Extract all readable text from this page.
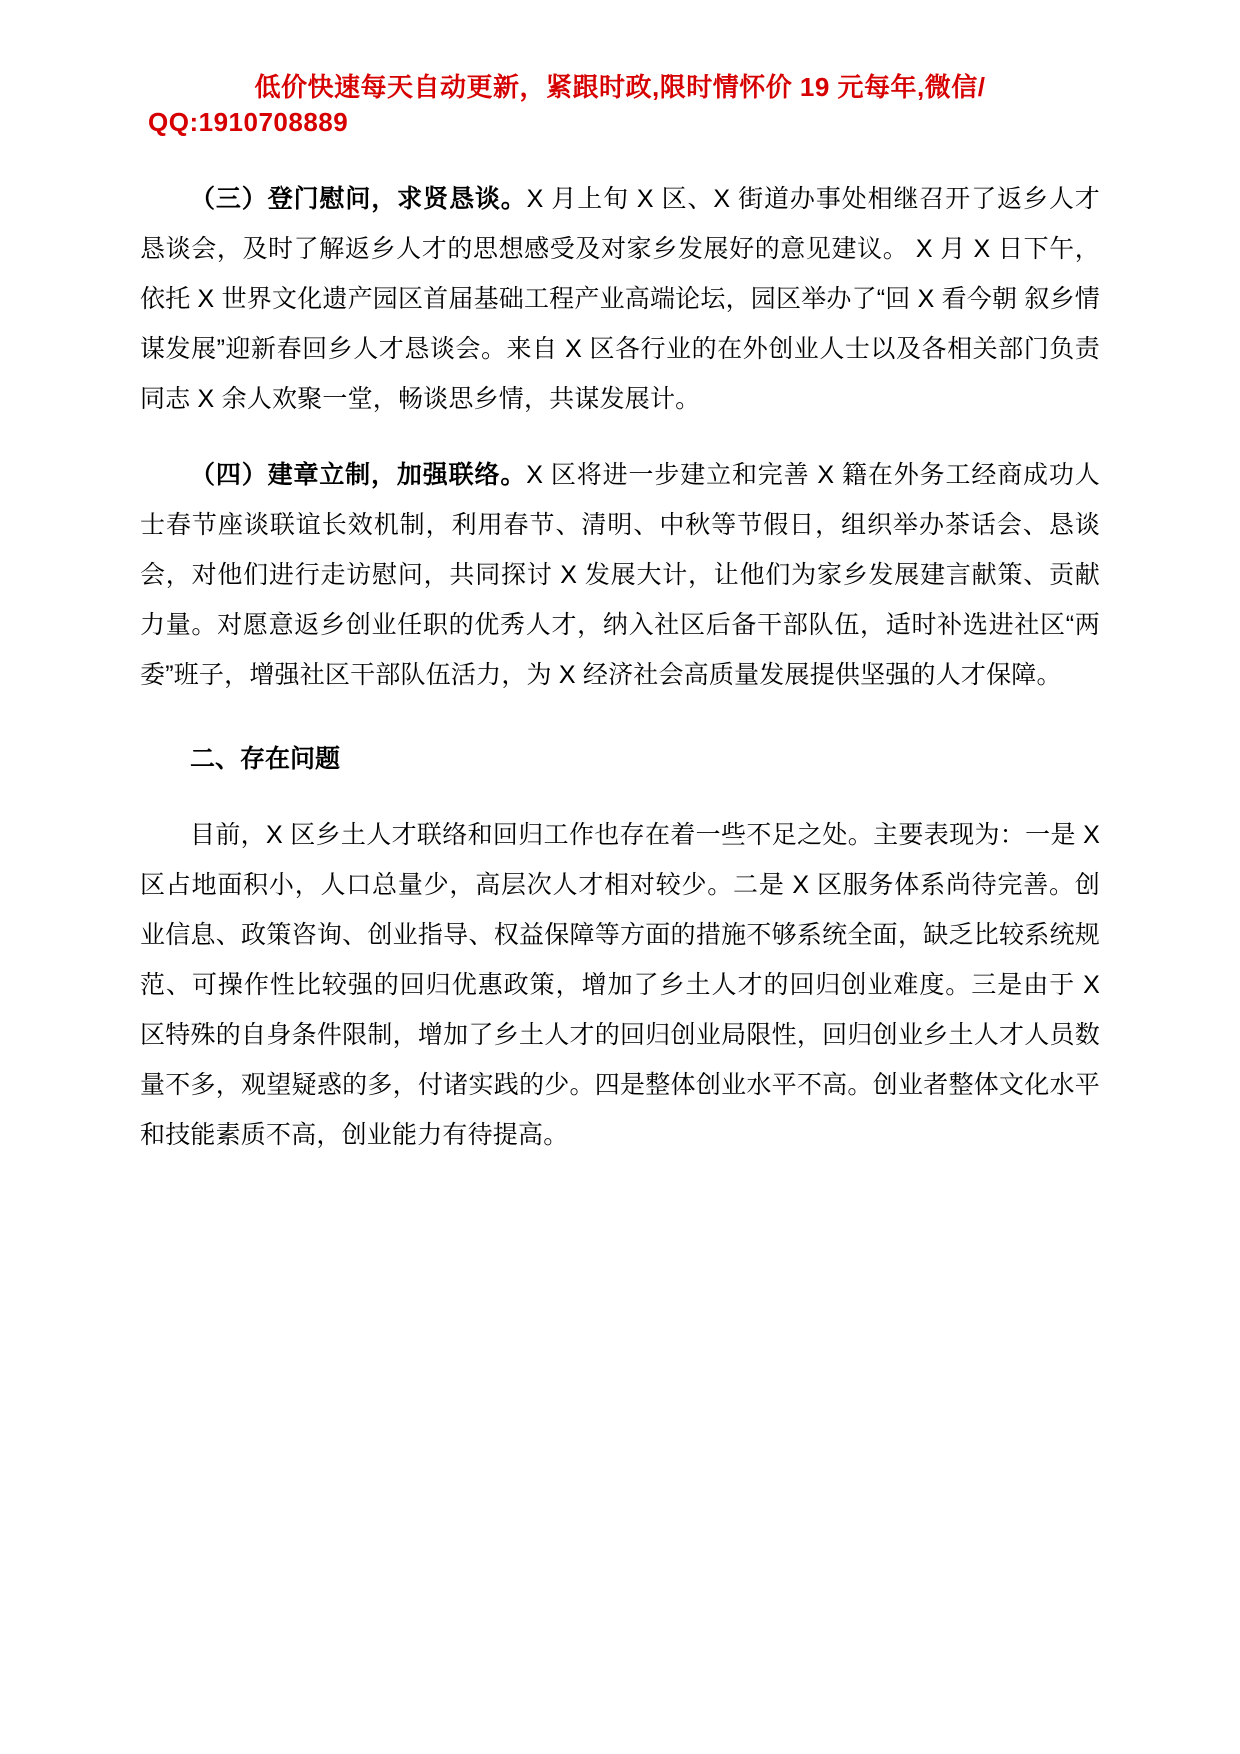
低价快速每天自动更新，紧跟时政,限时情怀价 19 元每年,微信/
QQ:1910708889

（三）登门慰问，求贤恳谈。X 月上旬 X 区、X 街道办事处相继召开了返乡人才恳谈会，及时了解返乡人才的思想感受及对家乡发展好的意见建议。 X 月 X 日下午，依托 X 世界文化遗产园区首届基础工程产业高端论坛，园区举办了“回 X 看今朝 叙乡情 谋发展”迎新春回乡人才恳谈会。来自 X 区各行业的在外创业人士以及各相关部门负责同志 X 余人欢聚一堂，畅谈思乡情，共谋发展计。

（四）建章立制，加强联络。X 区将进一步建立和完善 X 籍在外务工经商成功人士春节座谈联谊长效机制，利用春节、清明、中秋等节假日，组织举办茶话会、恳谈会，对他们进行走访慰问，共同探讨 X 发展大计，让他们为家乡发展建言献策、贡献力量。对愿意返乡创业任职的优秀人才，纳入社区后备干部队伍，适时补选进社区“两委”班子，增强社区干部队伍活力，为 X 经济社会高质量发展提供坚强的人才保障。

二、存在问题

目前，X 区乡土人才联络和回归工作也存在着一些不足之处。主要表现为：一是 X 区占地面积小，人口总量少，高层次人才相对较少。二是 X 区服务体系尚待完善。创业信息、政策咨询、创业指导、权益保障等方面的措施不够系统全面，缺乏比较系统规范、可操作性比较强的回归优惠政策，增加了乡土人才的回归创业难度。三是由于 X 区特殊的自身条件限制，增加了乡土人才的回归创业局限性，回归创业乡土人才人员数量不多，观望疑惑的多，付诸实践的少。四是整体创业水平不高。创业者整体文化水平和技能素质不高，创业能力有待提高。
